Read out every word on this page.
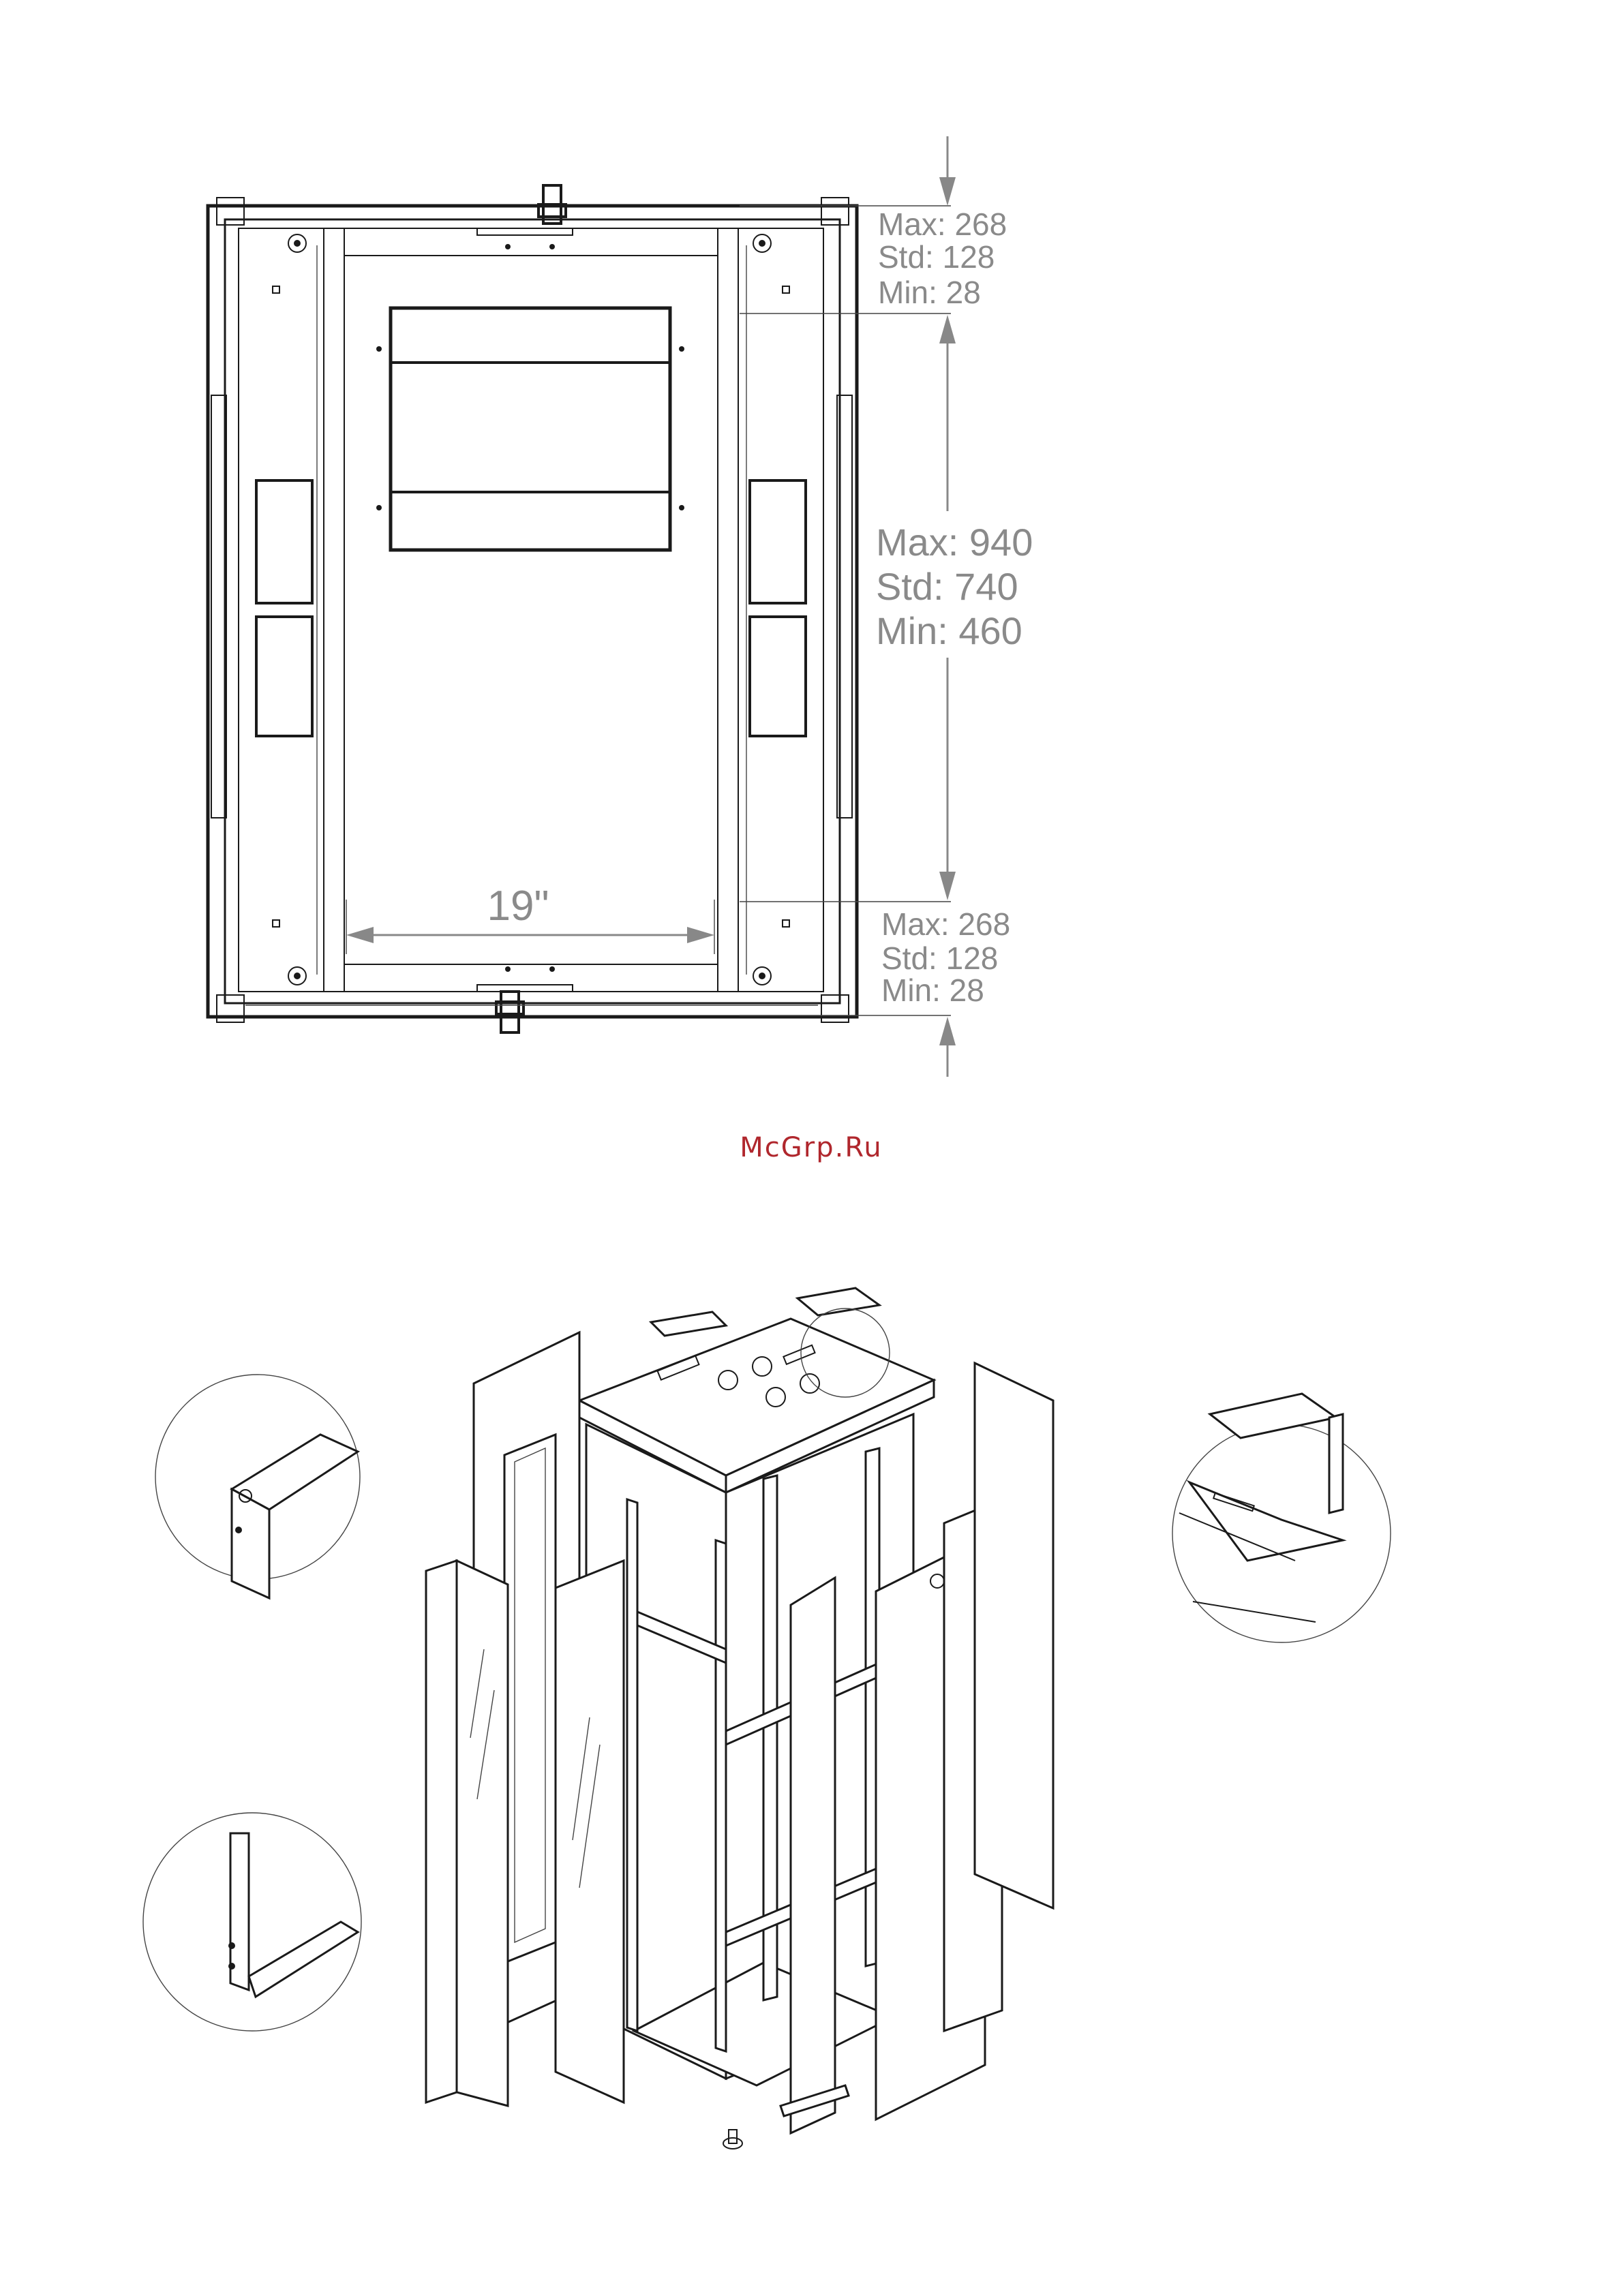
19"
Max: 268
Std: 128
Min: 28
Max: 940
Std: 740
Min: 460
Max: 268
Std: 128
Min: 28
McGrp.Ru
